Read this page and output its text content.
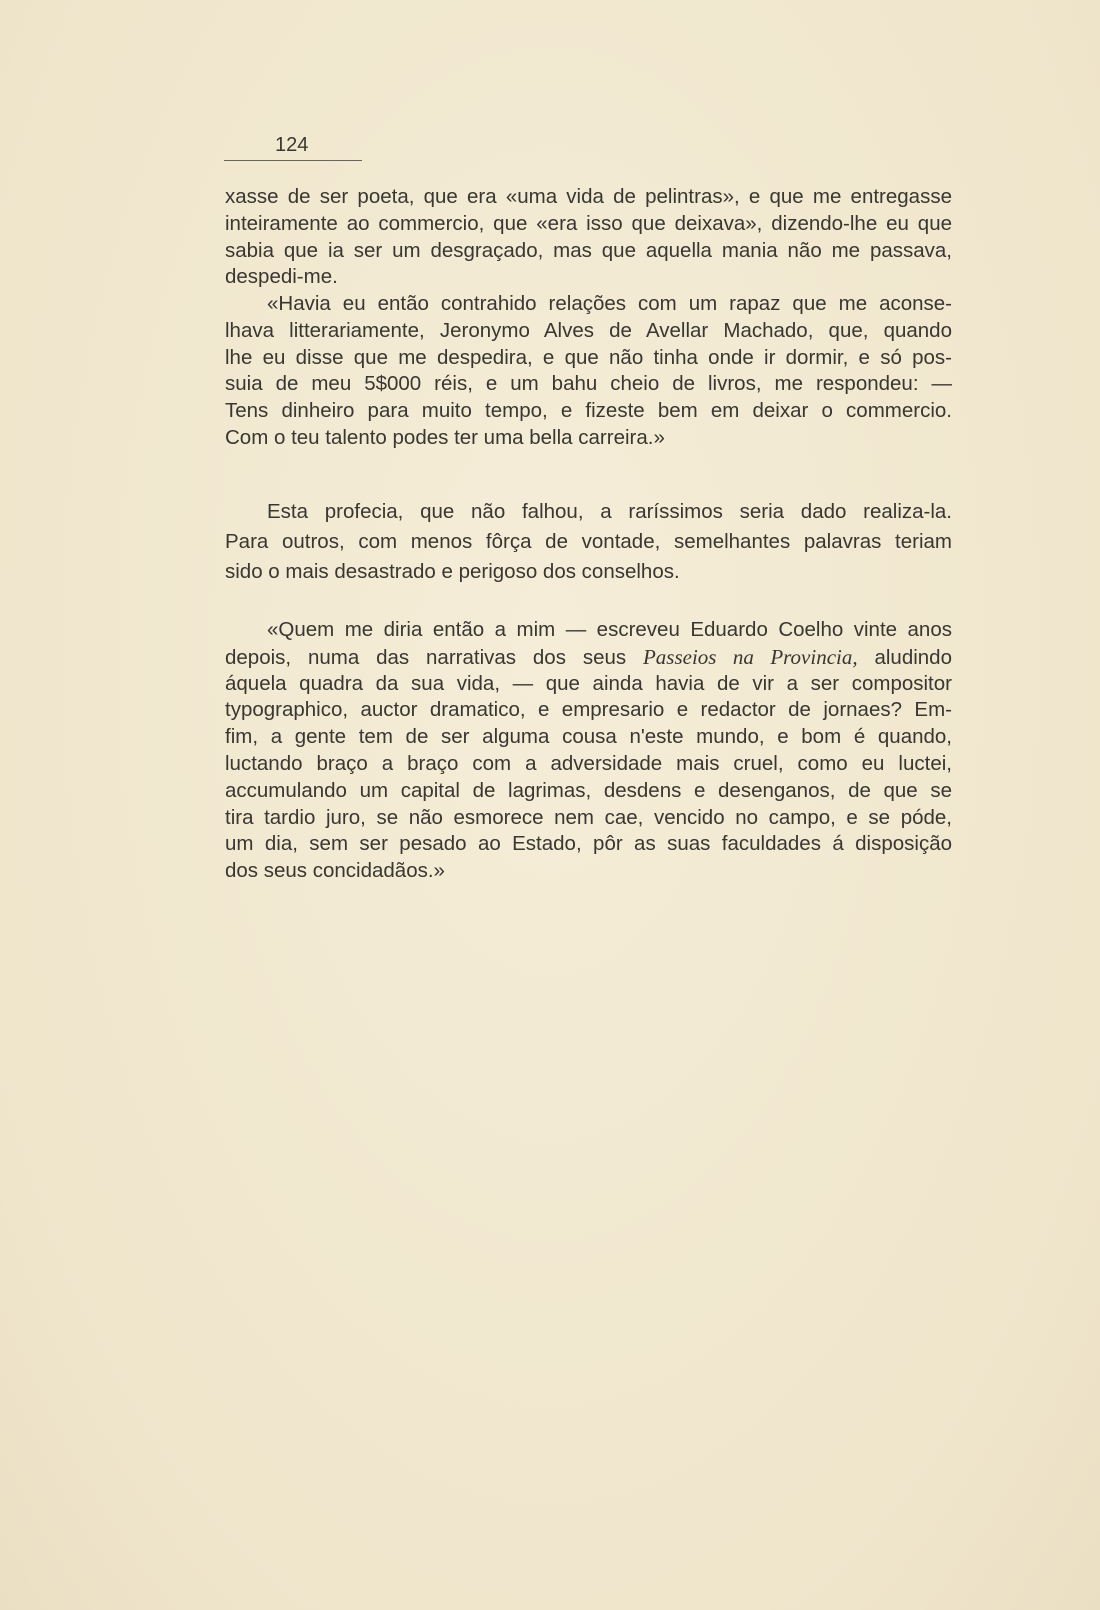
124
xasse de ser poeta, que era «uma vida de pelintras», e que me entregasse
inteiramente ao commercio, que «era isso que deixava», dizendo-lhe eu que
sabia que ia ser um desgraçado, mas que aquella mania não me passava,
despedi-me.
«Havia eu então contrahido relações com um rapaz que me aconse-
lhava litterariamente, Jeronymo Alves de Avellar Machado, que, quando
lhe eu disse que me despedira, e que não tinha onde ir dormir, e só pos-
suia de meu 5$000 réis, e um bahu cheio de livros, me respondeu: —
Tens dinheiro para muito tempo, e fizeste bem em deixar o commercio.
Com o teu talento podes ter uma bella carreira.»
Esta profecia, que não falhou, a raríssimos seria dado realiza-la.
Para outros, com menos fôrça de vontade, semelhantes palavras teriam
sido o mais desastrado e perigoso dos conselhos.
«Quem me diria então a mim — escreveu Eduardo Coelho vinte anos
depois, numa das narrativas dos seus Passeios na Provincia, aludindo
áquela quadra da sua vida, — que ainda havia de vir a ser compositor
typographico, auctor dramatico, e empresario e redactor de jornaes? Em-
fim, a gente tem de ser alguma cousa n'este mundo, e bom é quando,
luctando braço a braço com a adversidade mais cruel, como eu luctei,
accumulando um capital de lagrimas, desdens e desenganos, de que se
tira tardio juro, se não esmorece nem cae, vencido no campo, e se póde,
um dia, sem ser pesado ao Estado, pôr as suas faculdades á disposição
dos seus concidadãos.»
